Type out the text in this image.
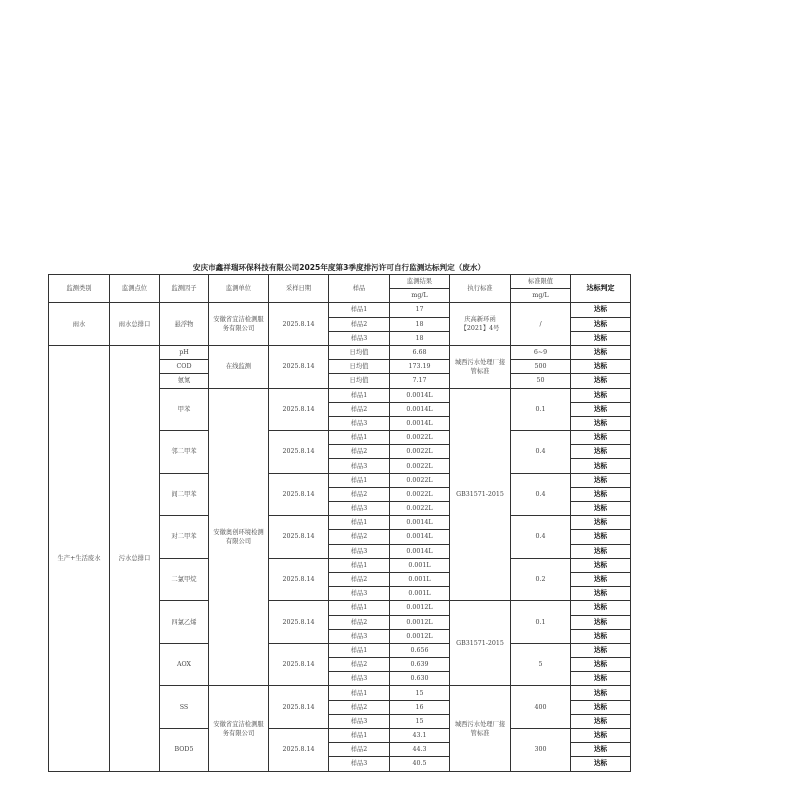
安庆市鑫祥瑞环保科技有限公司2025年度第3季度排污许可自行监测达标判定（废水）
监测类别	监测点位	监测因子	监测单位	采样日期	样品	监测结果	执行标准	标准限值	达标判定
						mg/L		mg/L	
雨水	雨水总排口	悬浮物	安徽省宜洁检测服务有限公司	2025.8.14	样品1	17	庆高新环函【2021】4号	/	达标
					样品2	18			达标
					样品3	18			达标
生产+生活废水	污水总排口	pH	在线监测	2025.8.14	日均值	6.68	城西污水处理厂接管标准	6~9	达标
		COD			日均值	173.19		500	达标
		氨氮			日均值	7.17		50	达标
		甲苯	安徽奥创环境检测有限公司	2025.8.14	样品1	0.0014L	GB31571-2015	0.1	达标
					样品2	0.0014L			达标
					样品3	0.0014L			达标
		邻二甲苯		2025.8.14	样品1	0.0022L		0.4	达标
					样品2	0.0022L			达标
					样品3	0.0022L			达标
		间二甲苯		2025.8.14	样品1	0.0022L		0.4	达标
					样品2	0.0022L			达标
					样品3	0.0022L			达标
		对二甲苯		2025.8.14	样品1	0.0014L		0.4	达标
					样品2	0.0014L			达标
					样品3	0.0014L			达标
		二氯甲烷		2025.8.14	样品1	0.001L		0.2	达标
					样品2	0.001L			达标
					样品3	0.001L			达标
		四氯乙烯		2025.8.14	样品1	0.0012L	GB31571-2015	0.1	达标
					样品2	0.0012L			达标
					样品3	0.0012L			达标
		AOX		2025.8.14	样品1	0.656		5	达标
					样品2	0.639			达标
					样品3	0.630			达标
		SS	安徽省宜洁检测服务有限公司	2025.8.14	样品1	15	城西污水处理厂接管标准	400	达标
					样品2	16			达标
					样品3	15			达标
		BOD5		2025.8.14	样品1	43.1		300	达标
					样品2	44.3			达标
					样品3	40.5			达标
